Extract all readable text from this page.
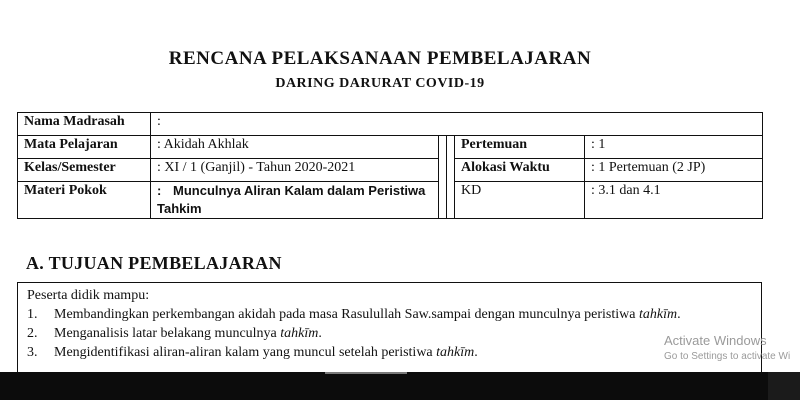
RENCANA PELAKSANAAN PEMBELAJARAN
DARING DARURAT COVID-19
Nama Madrasah	:				
Mata Pelajaran	: Akidah Akhlak			Pertemuan	: 1
Kelas/Semester	: XI / 1 (Ganjil) - Tahun 2020-2021			Alokasi Waktu	: 1 Pertemuan (2 JP)
Materi Pokok	: Munculnya Aliran Kalam dalam Peristiwa Tahkim			KD	: 3.1 dan 4.1
A. TUJUAN PEMBELAJARAN
Peserta didik mampu:
1. Membandingkan perkembangan akidah pada masa Rasulullah Saw.sampai dengan munculnya peristiwa tahkīm.
2. Menganalisis latar belakang munculnya tahkīm.
3. Mengidentifikasi aliran-aliran kalam yang muncul setelah peristiwa tahkīm.
Activate Windows
Go to Settings to activate Wi
